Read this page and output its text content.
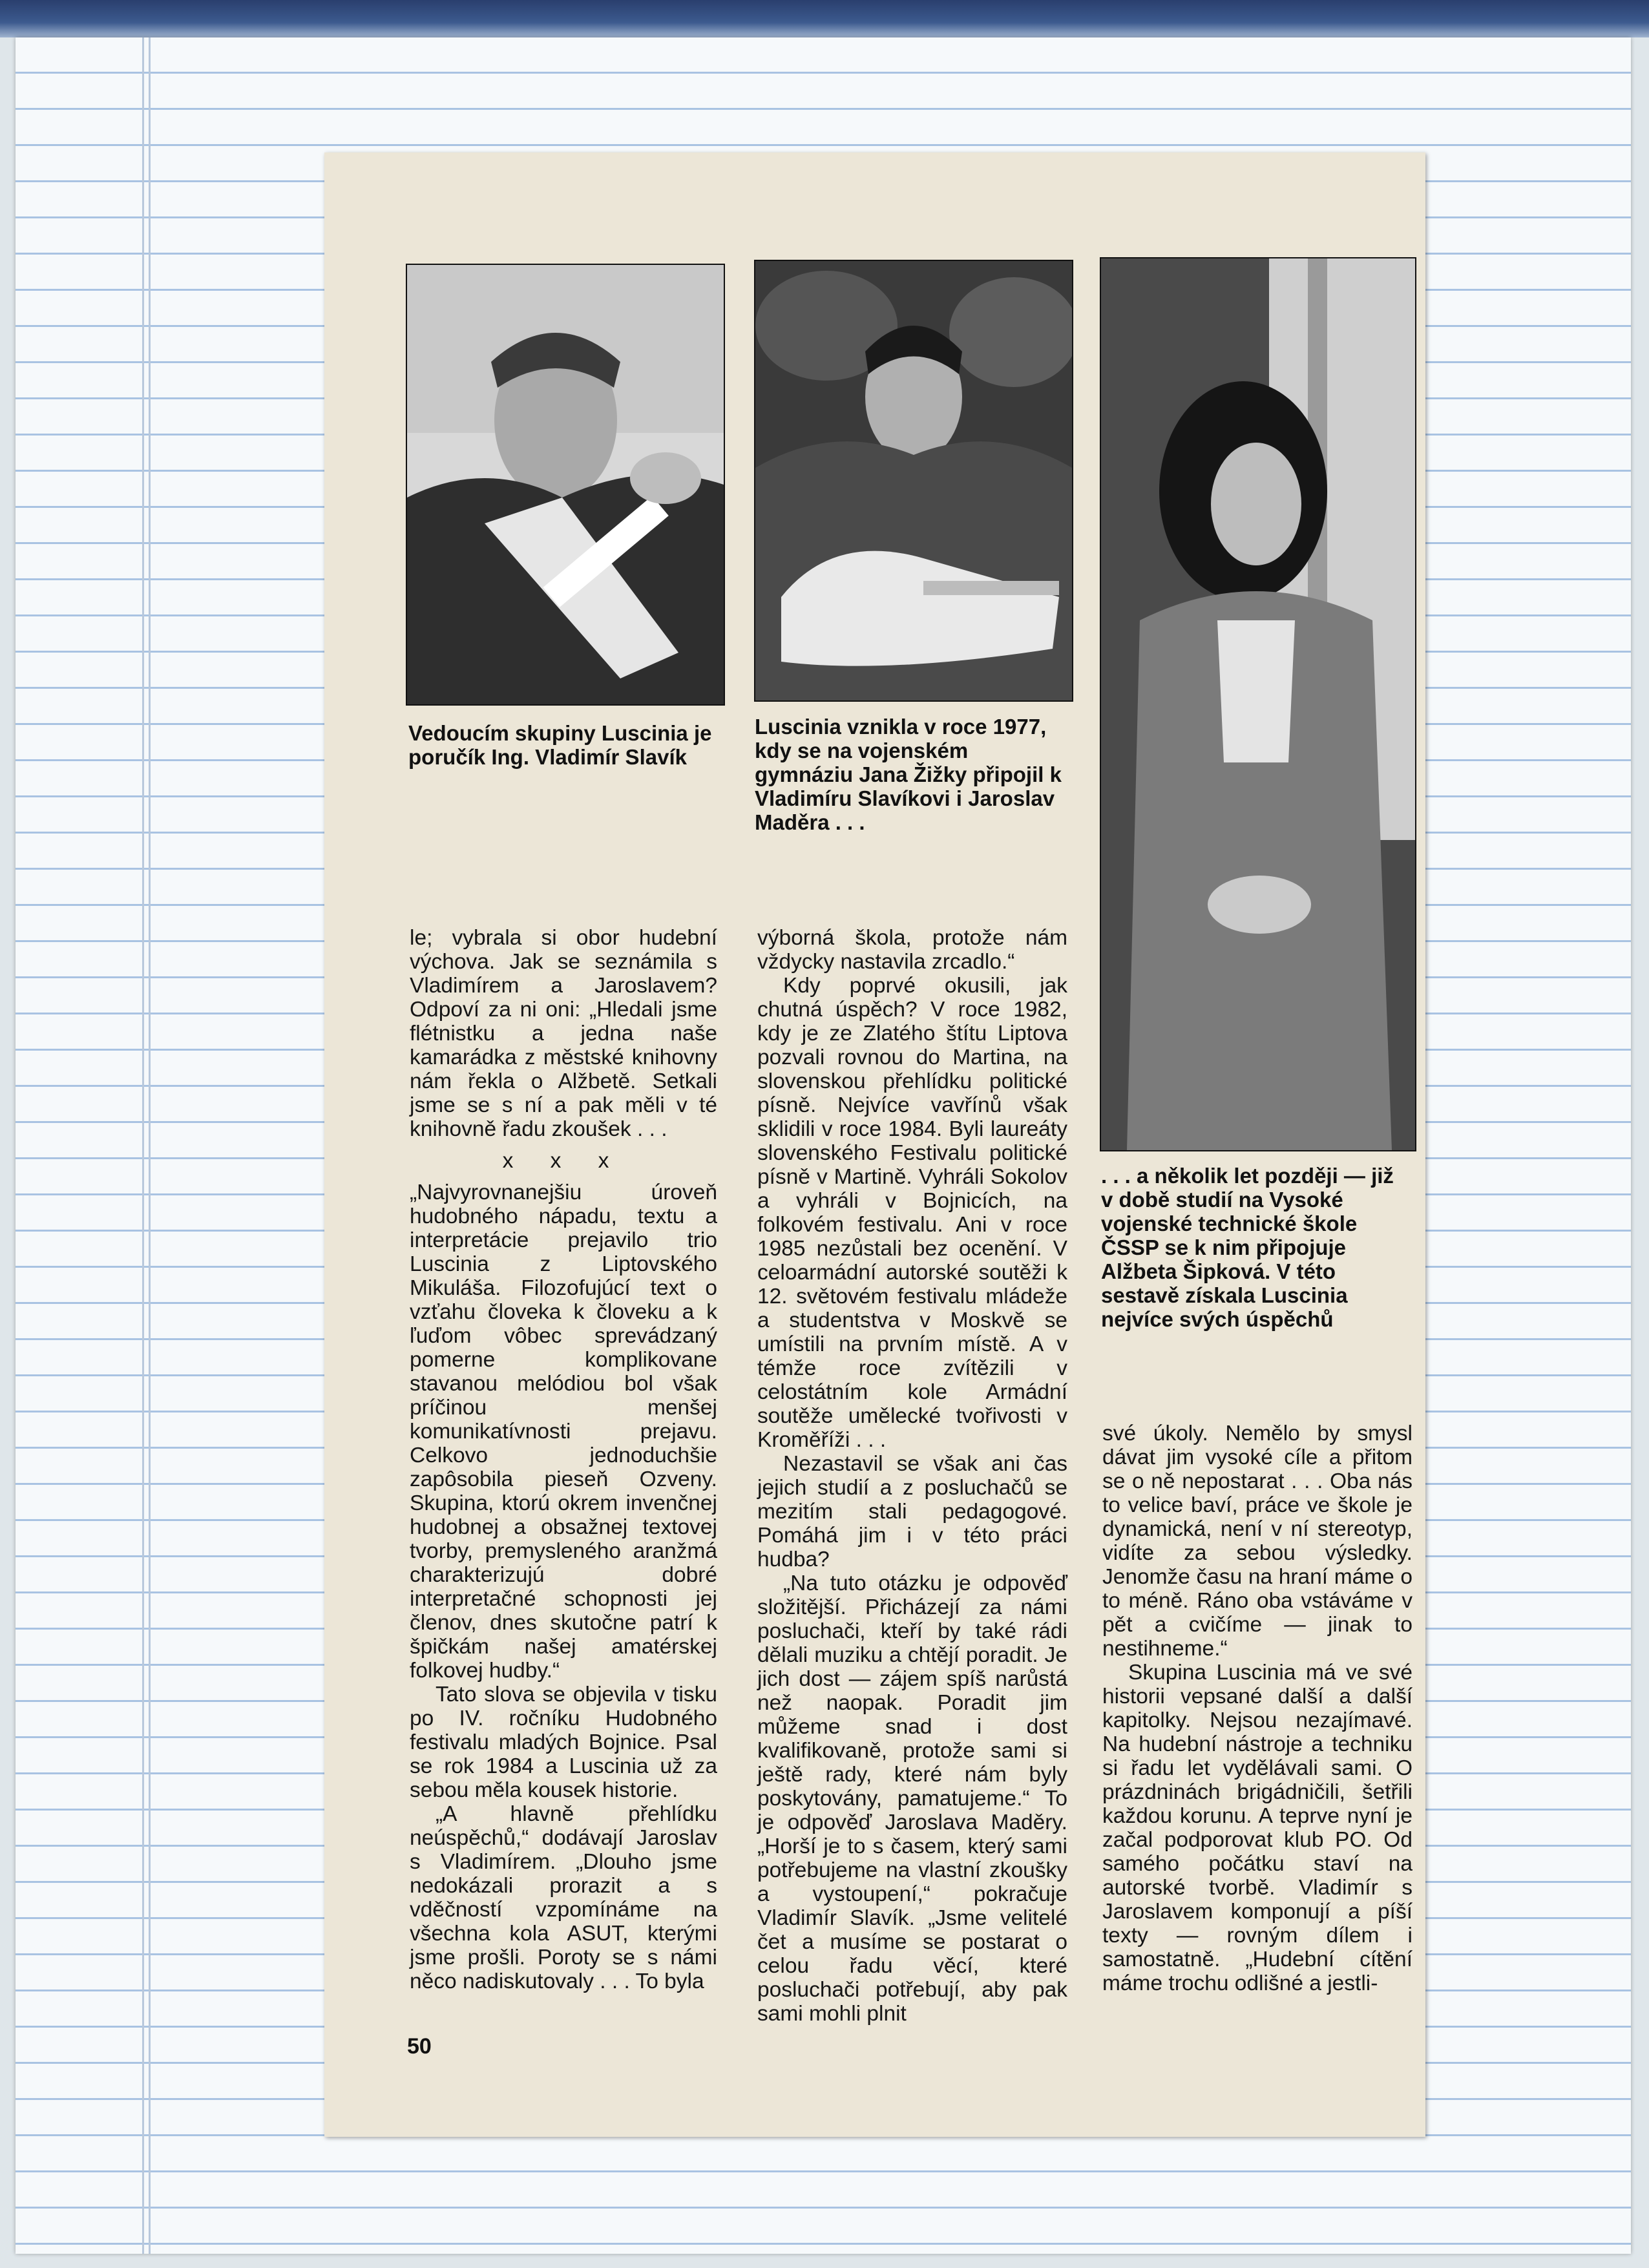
Vedoucím skupiny Luscinia je poručík Ing. Vladimír Slavík

Luscinia vznikla v roce 1977, kdy se na vojenském gymnáziu Jana Žižky připojil k Vladimíru Slavíkovi i Jaroslav Maděra . . .

. . . a několik let později — již v době studií na Vysoké vojenské technické škole ČSSP se k nim připojuje Alžbeta Šipková. V této sestavě získala Luscinia nejvíce svých úspěchů

le; vybrala si obor hudební výchova. Jak se seznámila s Vladimírem a Jaroslavem? Odpoví za ni oni: „Hledali jsme flétnistku a jedna naše kamarádka z městské knihovny nám řekla o Alžbetě. Setkali jsme se s ní a pak měli v té knihovně řadu zkoušek . . .

x x x

„Najvyrovnanejšiu úroveň hudobného nápadu, textu a interpretácie prejavilo trio Luscinia z Liptovského Mikuláša. Filozofujúcí text o vzťahu človeka k človeku a k ľuďom vôbec sprevádzaný pomerne komplikovane stavanou melódiou bol však príčinou menšej komunikatívnosti prejavu. Celkovo jednoduchšie zapôsobila pieseň Ozveny. Skupina, ktorú okrem invenčnej hudobnej a obsažnej textovej tvorby, premysleného aranžmá charakterizujú dobré interpretačné schopnosti jej členov, dnes skutočne patrí k špičkám našej amatérskej folkovej hudby.“

Tato slova se objevila v tisku po IV. ročníku Hudobného festivalu mladých Bojnice. Psal se rok 1984 a Luscinia už za sebou měla kousek historie.

„A hlavně přehlídku neúspěchů,“ dodávají Jaroslav s Vladimírem. „Dlouho jsme nedokázali prorazit a s vděčností vzpomínáme na všechna kola ASUT, kterými jsme prošli. Poroty se s námi něco nadiskutovaly . . . To byla

výborná škola, protože nám vždycky nastavila zrcadlo.“

Kdy poprvé okusili, jak chutná úspěch? V roce 1982, kdy je ze Zlatého štítu Liptova pozvali rovnou do Martina, na slovenskou přehlídku politické písně. Nejvíce vavřínů však sklidili v roce 1984. Byli laureáty slovenského Festivalu politické písně v Martině. Vyhráli Sokolov a vyhráli v Bojnicích, na folkovém festivalu. Ani v roce 1985 nezůstali bez ocenění. V celoarmádní autorské soutěži k 12. světovém festivalu mládeže a studentstva v Moskvě se umístili na prvním místě. A v témže roce zvítězili v celostátním kole Armádní soutěže umělecké tvořivosti v Kroměříži . . .

Nezastavil se však ani čas jejich studií a z posluchačů se mezitím stali pedagogové. Pomáhá jim i v této práci hudba?

„Na tuto otázku je odpověď složitější. Přicházejí za námi posluchači, kteří by také rádi dělali muziku a chtějí poradit. Je jich dost — zájem spíš narůstá než naopak. Poradit jim můžeme snad i dost kvalifikovaně, protože sami si ještě rady, které nám byly poskytovány, pamatujeme.“ To je odpověď Jaroslava Maděry. „Horší je to s časem, který sami potřebujeme na vlastní zkoušky a vystoupení,“ pokračuje Vladimír Slavík. „Jsme velitelé čet a musíme se postarat o celou řadu věcí, které posluchači potřebují, aby pak sami mohli plnit

své úkoly. Nemělo by smysl dávat jim vysoké cíle a přitom se o ně nepostarat . . . Oba nás to velice baví, práce ve škole je dynamická, není v ní stereotyp, vidíte za sebou výsledky. Jenomže času na hraní máme o to méně. Ráno oba vstáváme v pět a cvičíme — jinak to nestihneme.“

Skupina Luscinia má ve své historii vepsané další a další kapitolky. Nejsou nezajímavé. Na hudební nástroje a techniku si řadu let vydělávali sami. O prázdninách brigádničili, šetřili každou korunu. A teprve nyní je začal podporovat klub PO. Od samého počátku staví na autorské tvorbě. Vladimír s Jaroslavem komponují a píší texty — rovným dílem i samostatně. „Hudební cítění máme trochu odlišné a jestli-

50
